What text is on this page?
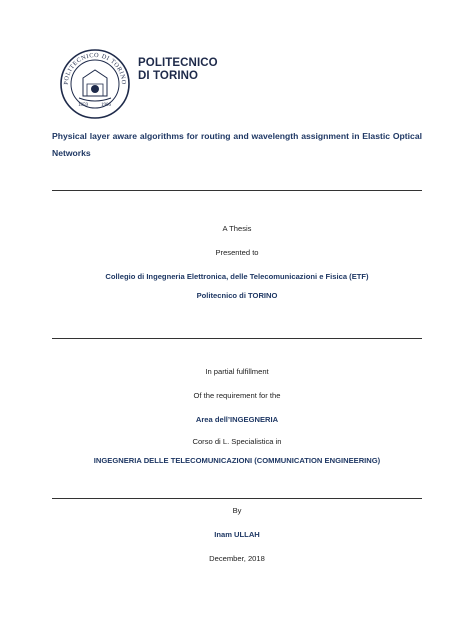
POLITECNICO DI TORINO
1859	1906
POLITECNICO
DI TORINO
Physical layer aware algorithms for routing and wavelength assignment in Elastic Optical Networks
A Thesis
Presented to
Collegio di Ingegneria Elettronica, delle Telecomunicazioni e Fisica (ETF)
Politecnico di TORINO
In partial fulfillment
Of the requirement for the
Area dell’INGEGNERIA
Corso di L. Specialistica in
INGEGNERIA DELLE TELECOMUNICAZIONI (COMMUNICATION ENGINEERING)
By
Inam ULLAH
December, 2018
